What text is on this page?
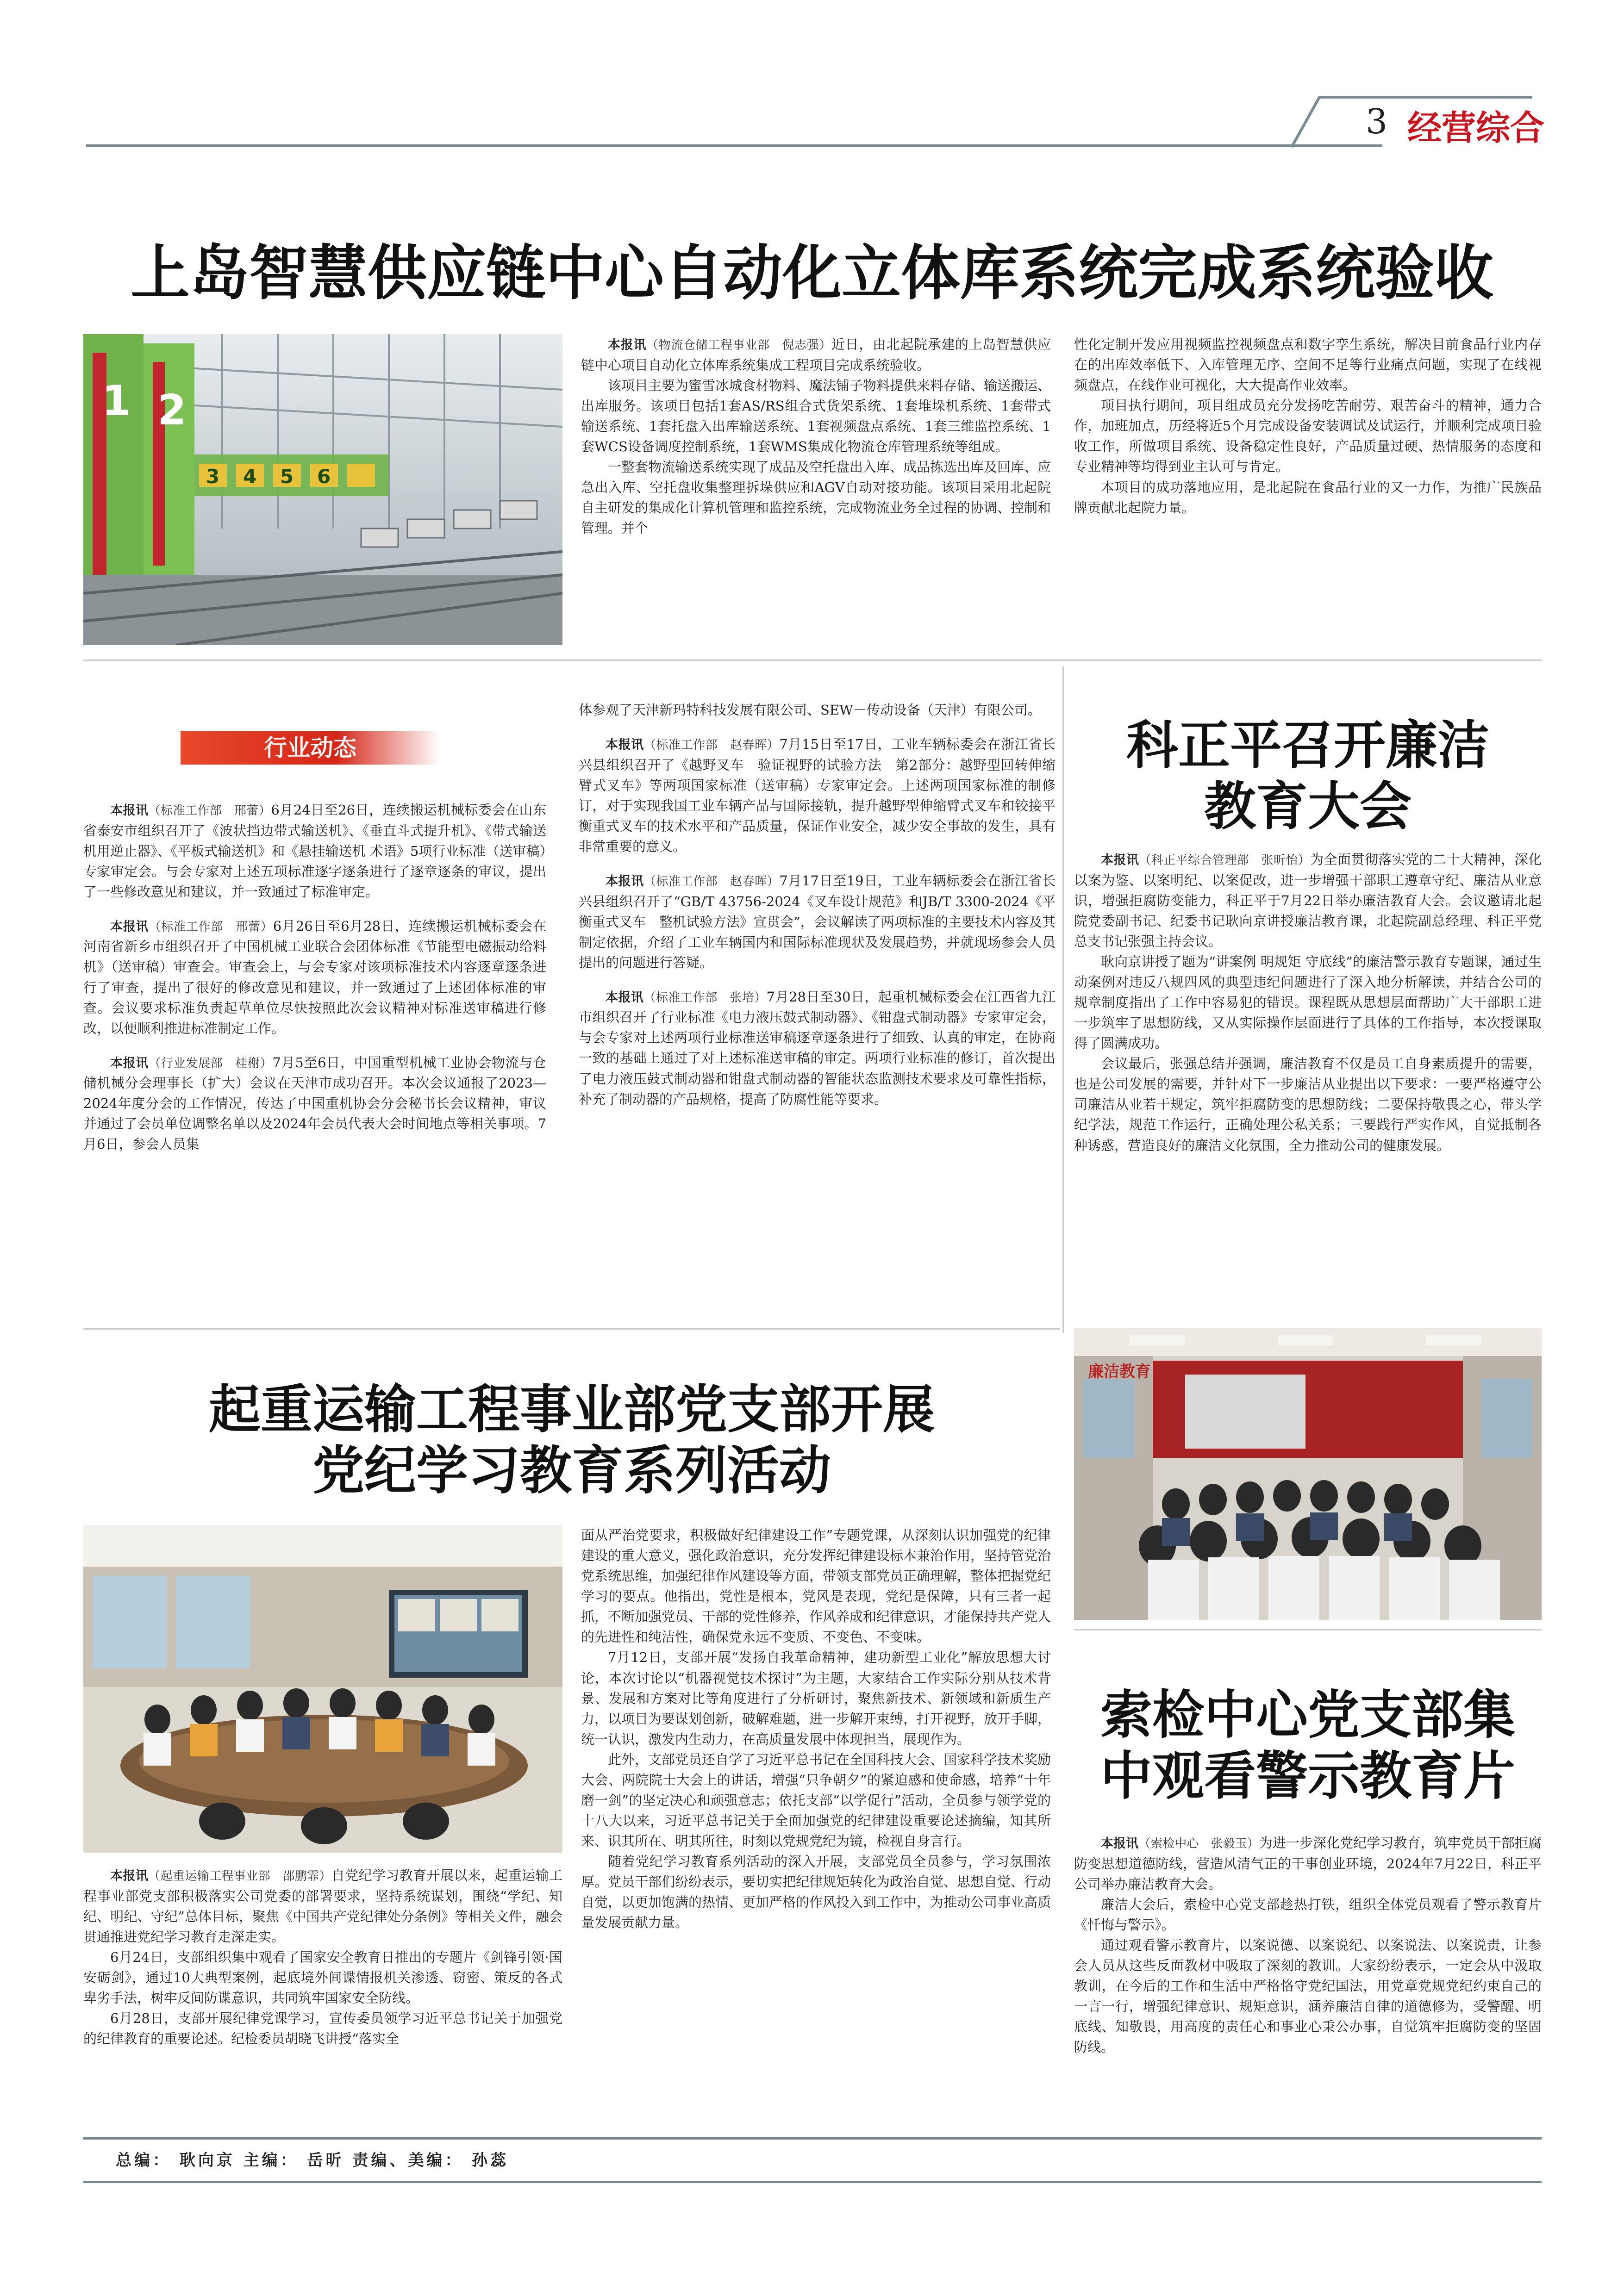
3 经营综合
上岛智慧供应链中心自动化立体库系统完成系统验收
1 2
3 4 5 6

本报讯（物流仓储工程事业部　倪志强）近日，由北起院承建的上岛智慧供应链中心项目自动化立体库系统集成工程项目完成系统验收。

该项目主要为蜜雪冰城食材物料、魔法铺子物料提供来料存储、输送搬运、出库服务。该项目包括1套AS/RS组合式货架系统、1套堆垛机系统、1套带式输送系统、1套托盘入出库输送系统、1套视频盘点系统、1套三维监控系统、1套WCS设备调度控制系统，1套WMS集成化物流仓库管理系统等组成。

一整套物流输送系统实现了成品及空托盘出入库、成品拣选出库及回库、应急出入库、空托盘收集整理拆垛供应和AGV自动对接功能。该项目采用北起院自主研发的集成化计算机管理和监控系统，完成物流业务全过程的协调、控制和管理。并个

性化定制开发应用视频监控视频盘点和数字孪生系统，解决目前食品行业内存在的出库效率低下、入库管理无序、空间不足等行业痛点问题，实现了在线视频盘点，在线作业可视化，大大提高作业效率。

项目执行期间，项目组成员充分发扬吃苦耐劳、艰苦奋斗的精神，通力合作，加班加点，历经将近5个月完成设备安装调试及试运行，并顺利完成项目验收工作，所做项目系统、设备稳定性良好，产品质量过硬、热情服务的态度和专业精神等均得到业主认可与肯定。

本项目的成功落地应用，是北起院在食品行业的又一力作，为推广民族品牌贡献北起院力量。

行业动态

本报讯（标准工作部　邢蕾）6月24日至26日，连续搬运机械标委会在山东省泰安市组织召开了《波状挡边带式输送机》、《垂直斗式提升机》、《带式输送机用逆止器》、《平板式输送机》和《悬挂输送机 术语》5项行业标准（送审稿）专家审定会。与会专家对上述五项标准逐字逐条进行了逐章逐条的审议，提出了一些修改意见和建议，并一致通过了标准审定。

本报讯（标准工作部　邢蕾）6月26日至6月28日，连续搬运机械标委会在河南省新乡市组织召开了中国机械工业联合会团体标准《节能型电磁振动给料机》（送审稿）审查会。审查会上，与会专家对该项标准技术内容逐章逐条进行了审查，提出了很好的修改意见和建议，并一致通过了上述团体标准的审查。会议要求标准负责起草单位尽快按照此次会议精神对标准送审稿进行修改，以便顺利推进标准制定工作。

本报讯（行业发展部　桂榭）7月5至6日，中国重型机械工业协会物流与仓储机械分会理事长（扩大）会议在天津市成功召开。本次会议通报了2023—2024年度分会的工作情况，传达了中国重机协会分会秘书长会议精神，审议并通过了会员单位调整名单以及2024年会员代表大会时间地点等相关事项。7月6日，参会人员集

体参观了天津新玛特科技发展有限公司、SEW－传动设备（天津）有限公司。

本报讯（标准工作部　赵春晖）7月15日至17日，工业车辆标委会在浙江省长兴县组织召开了《越野叉车　验证视野的试验方法　第2部分：越野型回转伸缩臂式叉车》等两项国家标准（送审稿）专家审定会。上述两项国家标准的制修订，对于实现我国工业车辆产品与国际接轨，提升越野型伸缩臂式叉车和铰接平衡重式叉车的技术水平和产品质量，保证作业安全，减少安全事故的发生，具有非常重要的意义。

本报讯（标准工作部　赵春晖）7月17日至19日，工业车辆标委会在浙江省长兴县组织召开了“GB/T 43756-2024《叉车设计规范》和JB/T 3300-2024《平衡重式叉车　整机试验方法》宣贯会”，会议解读了两项标准的主要技术内容及其制定依据，介绍了工业车辆国内和国际标准现状及发展趋势，并就现场参会人员提出的问题进行答疑。

本报讯（标准工作部　张培）7月28日至30日，起重机械标委会在江西省九江市组织召开了行业标准《电力液压鼓式制动器》、《钳盘式制动器》专家审定会，与会专家对上述两项行业标准送审稿逐章逐条进行了细致、认真的审定，在协商一致的基础上通过了对上述标准送审稿的审定。两项行业标准的修订，首次提出了电力液压鼓式制动器和钳盘式制动器的智能状态监测技术要求及可靠性指标，补充了制动器的产品规格，提高了防腐性能等要求。

科正平召开廉洁
教育大会

本报讯（科正平综合管理部　张昕怡）为全面贯彻落实党的二十大精神，深化以案为鉴、以案明纪、以案促改，进一步增强干部职工遵章守纪、廉洁从业意识，增强拒腐防变能力，科正平于7月22日举办廉洁教育大会。会议邀请北起院党委副书记、纪委书记耿向京讲授廉洁教育课，北起院副总经理、科正平党总支书记张强主持会议。

耿向京讲授了题为“讲案例 明规矩 守底线”的廉洁警示教育专题课，通过生动案例对违反八规四风的典型违纪问题进行了深入地分析解读，并结合公司的规章制度指出了工作中容易犯的错误。课程既从思想层面帮助广大干部职工进一步筑牢了思想防线，又从实际操作层面进行了具体的工作指导，本次授课取得了圆满成功。

会议最后，张强总结并强调，廉洁教育不仅是员工自身素质提升的需要，也是公司发展的需要，并针对下一步廉洁从业提出以下要求：一要严格遵守公司廉洁从业若干规定，筑牢拒腐防变的思想防线；二要保持敬畏之心，带头学纪学法，规范工作运行，正确处理公私关系；三要践行严实作风，自觉抵制各种诱惑，营造良好的廉洁文化氛围，全力推动公司的健康发展。

廉洁教育
起重运输工程事业部党支部开展
党纪学习教育系列活动

本报讯（起重运输工程事业部　邵鹏霏）自党纪学习教育开展以来，起重运输工程事业部党支部积极落实公司党委的部署要求，坚持系统谋划，围绕“学纪、知纪、明纪、守纪”总体目标，聚焦《中国共产党纪律处分条例》等相关文件，融会贯通推进党纪学习教育走深走实。

6月24日，支部组织集中观看了国家安全教育日推出的专题片《剑锋引领·国安砺剑》，通过10大典型案例，起底境外间谍情报机关渗透、窃密、策反的各式卑劣手法，树牢反间防谍意识，共同筑牢国家安全防线。

6月28日，支部开展纪律党课学习，宣传委员领学习近平总书记关于加强党的纪律教育的重要论述。纪检委员胡晓飞讲授“落实全

面从严治党要求，积极做好纪律建设工作”专题党课，从深刻认识加强党的纪律建设的重大意义，强化政治意识，充分发挥纪律建设标本兼治作用，坚持管党治党系统思维，加强纪律作风建设等方面，带领支部党员正确理解，整体把握党纪学习的要点。他指出，党性是根本，党风是表现，党纪是保障，只有三者一起抓，不断加强党员、干部的党性修养，作风养成和纪律意识，才能保持共产党人的先进性和纯洁性，确保党永远不变质、不变色、不变味。

7月12日，支部开展“发扬自我革命精神，建功新型工业化”解放思想大讨论，本次讨论以“机器视觉技术探讨”为主题，大家结合工作实际分别从技术背景、发展和方案对比等角度进行了分析研讨，聚焦新技术、新领域和新质生产力，以项目为要谋划创新，破解难题，进一步解开束缚，打开视野，放开手脚，统一认识，激发内生动力，在高质量发展中体现担当，展现作为。

此外，支部党员还自学了习近平总书记在全国科技大会、国家科学技术奖励大会、两院院士大会上的讲话，增强“只争朝夕”的紧迫感和使命感，培养“十年磨一剑”的坚定决心和顽强意志；依托支部“以学促行”活动，全员参与领学党的十八大以来，习近平总书记关于全面加强党的纪律建设重要论述摘编，知其所来、识其所在、明其所往，时刻以党规党纪为镜，检视自身言行。

随着党纪学习教育系列活动的深入开展，支部党员全员参与，学习氛围浓厚。党员干部们纷纷表示，要切实把纪律规矩转化为政治自觉、思想自觉、行动自觉，以更加饱满的热情、更加严格的作风投入到工作中，为推动公司事业高质量发展贡献力量。

索检中心党支部集
中观看警示教育片

本报讯（索检中心　张毅玉）为进一步深化党纪学习教育，筑牢党员干部拒腐防变思想道德防线，营造风清气正的干事创业环境，2024年7月22日，科正平公司举办廉洁教育大会。

廉洁大会后，索检中心党支部趁热打铁，组织全体党员观看了警示教育片《忏悔与警示》。

通过观看警示教育片，以案说德、以案说纪、以案说法、以案说责，让参会人员从这些反面教材中吸取了深刻的教训。大家纷纷表示，一定会从中汲取教训，在今后的工作和生活中严格恪守党纪国法，用党章党规党纪约束自己的一言一行，增强纪律意识、规矩意识，涵养廉洁自律的道德修为，受警醒、明底线、知敬畏，用高度的责任心和事业心秉公办事，自觉筑牢拒腐防变的坚固防线。

总编： 耿向京 主编： 岳昕 责编、美编： 孙蕊
